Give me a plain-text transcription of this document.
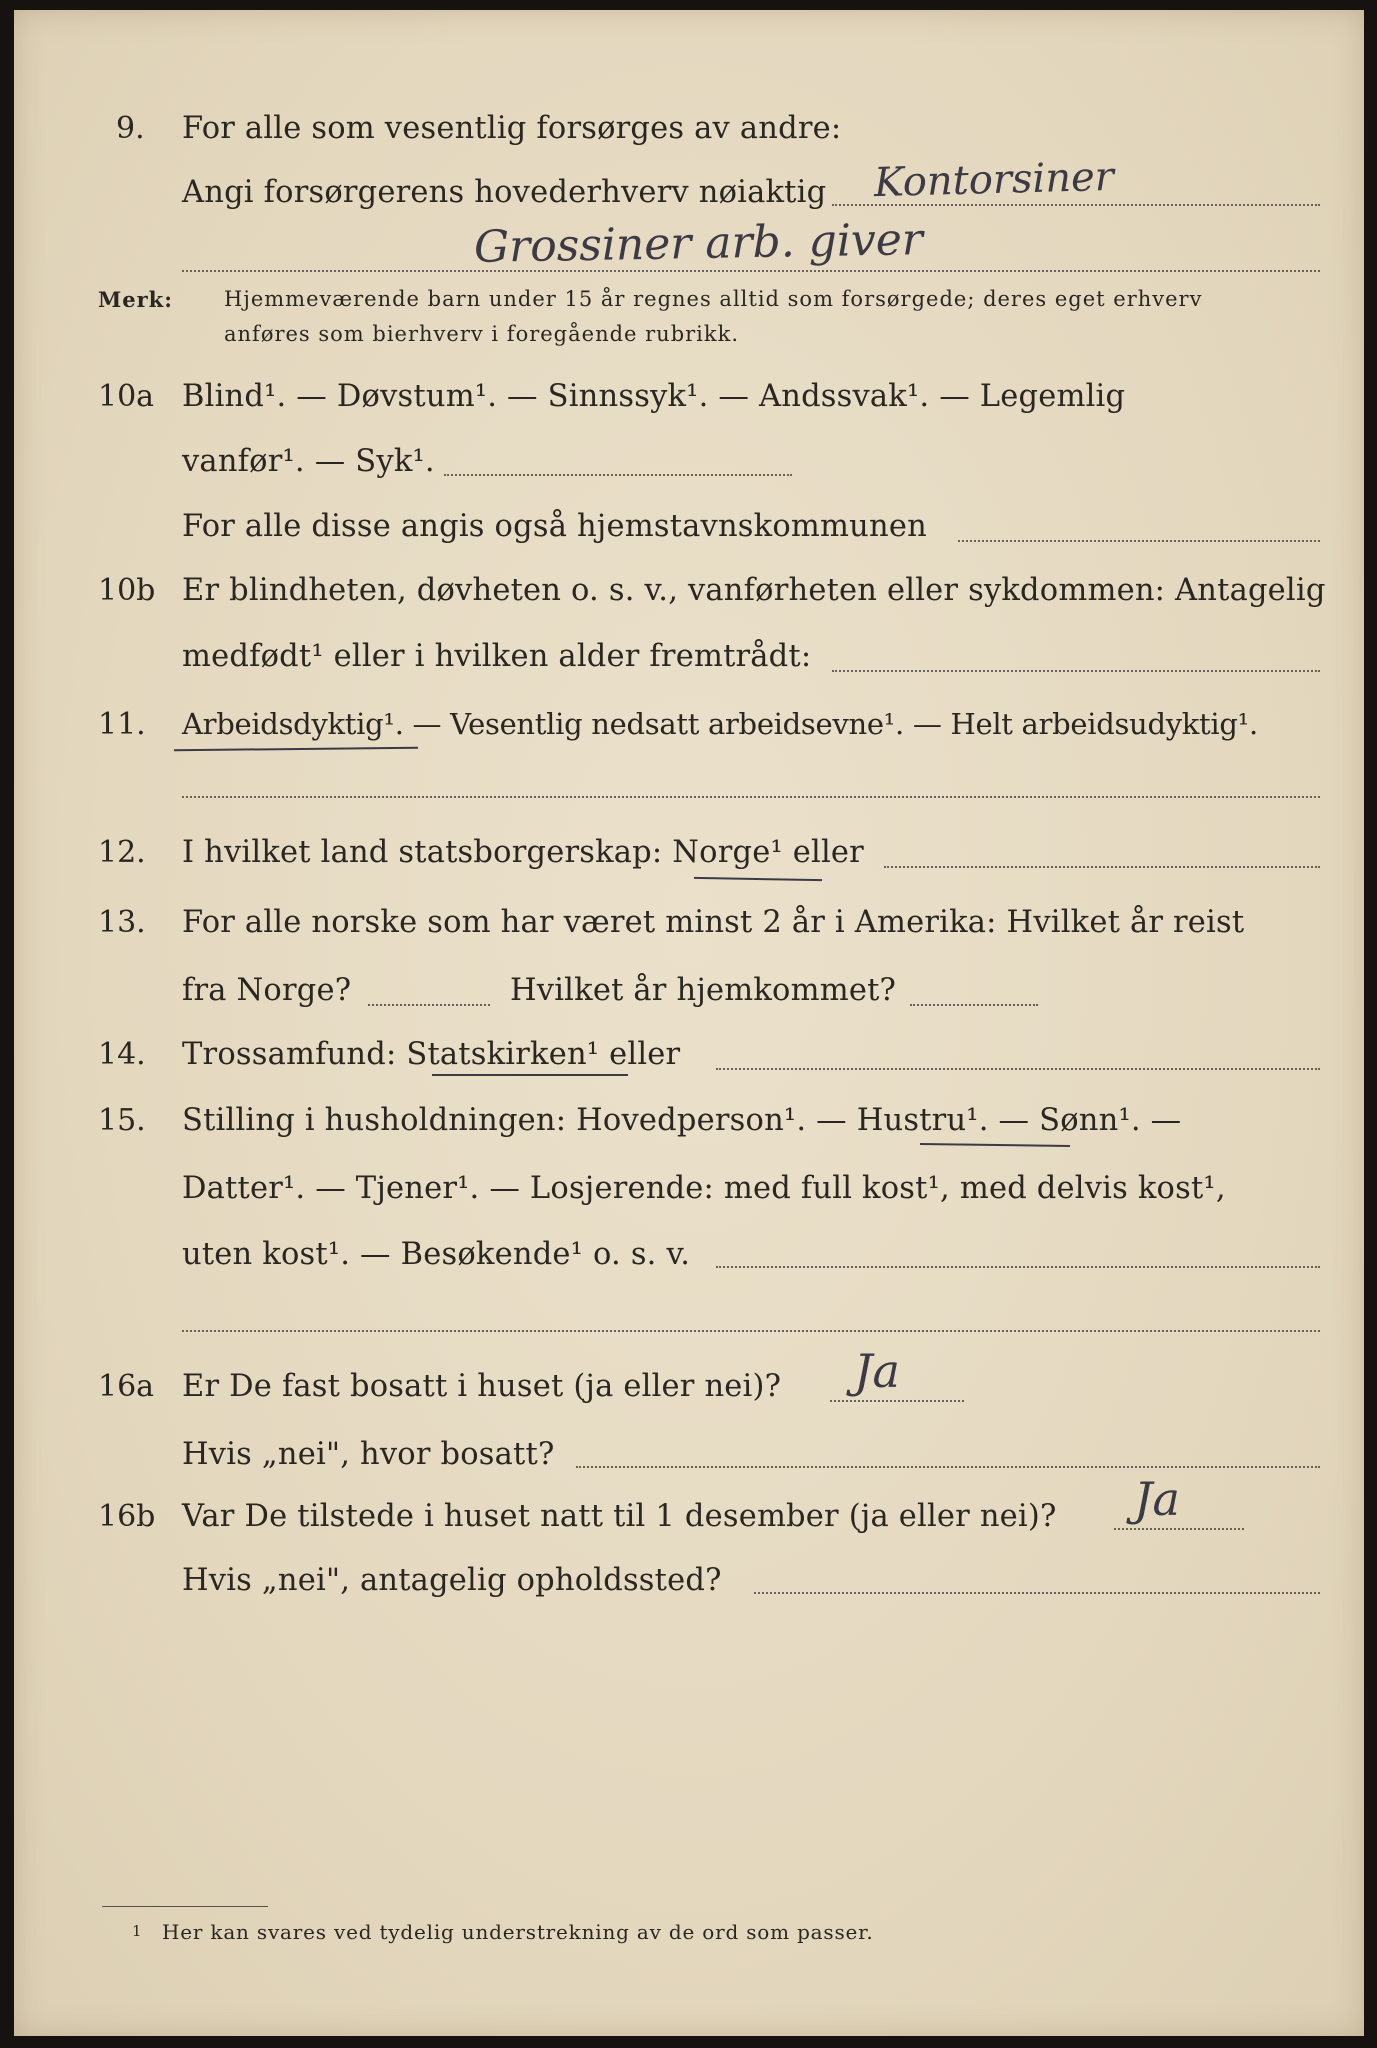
9. For alle som vesentlig forsørges av andre:
Angi forsørgerens hovederhverv nøiaktig Kontorsiner
Grossiner arb. giver
Merk: Hjemmeværende barn under 15 år regnes alltid som forsørgede; deres eget erhverv
anføres som bierhverv i foregående rubrikk.
10a Blind¹. — Døvstum¹. — Sinnssyk¹. — Andssvak¹. — Legemlig
vanfør¹. — Syk¹.
For alle disse angis også hjemstavnskommunen
10b Er blindheten, døvheten o. s. v., vanførheten eller sykdommen: Antagelig
medfødt¹ eller i hvilken alder fremtrådt:
11. Arbeidsdyktig¹. — Vesentlig nedsatt arbeidsevne¹. — Helt arbeidsudyktig¹.
12. I hvilket land statsborgerskap: Norge¹ eller
13. For alle norske som har været minst 2 år i Amerika: Hvilket år reist
fra Norge?	Hvilket år hjemkommet?
14. Trossamfund: Statskirken¹ eller
15. Stilling i husholdningen: Hovedperson¹. — Hustru¹. — Sønn¹. —
Datter¹. — Tjener¹. — Losjerende: med full kost¹, med delvis kost¹,
uten kost¹. — Besøkende¹ o. s. v.
16a Er De fast bosatt i huset (ja eller nei)? Ja
Hvis „nei", hvor bosatt?
16b Var De tilstede i huset natt til 1 desember (ja eller nei)? Ja
Hvis „nei", antagelig opholdssted?
1 Her kan svares ved tydelig understrekning av de ord som passer.
